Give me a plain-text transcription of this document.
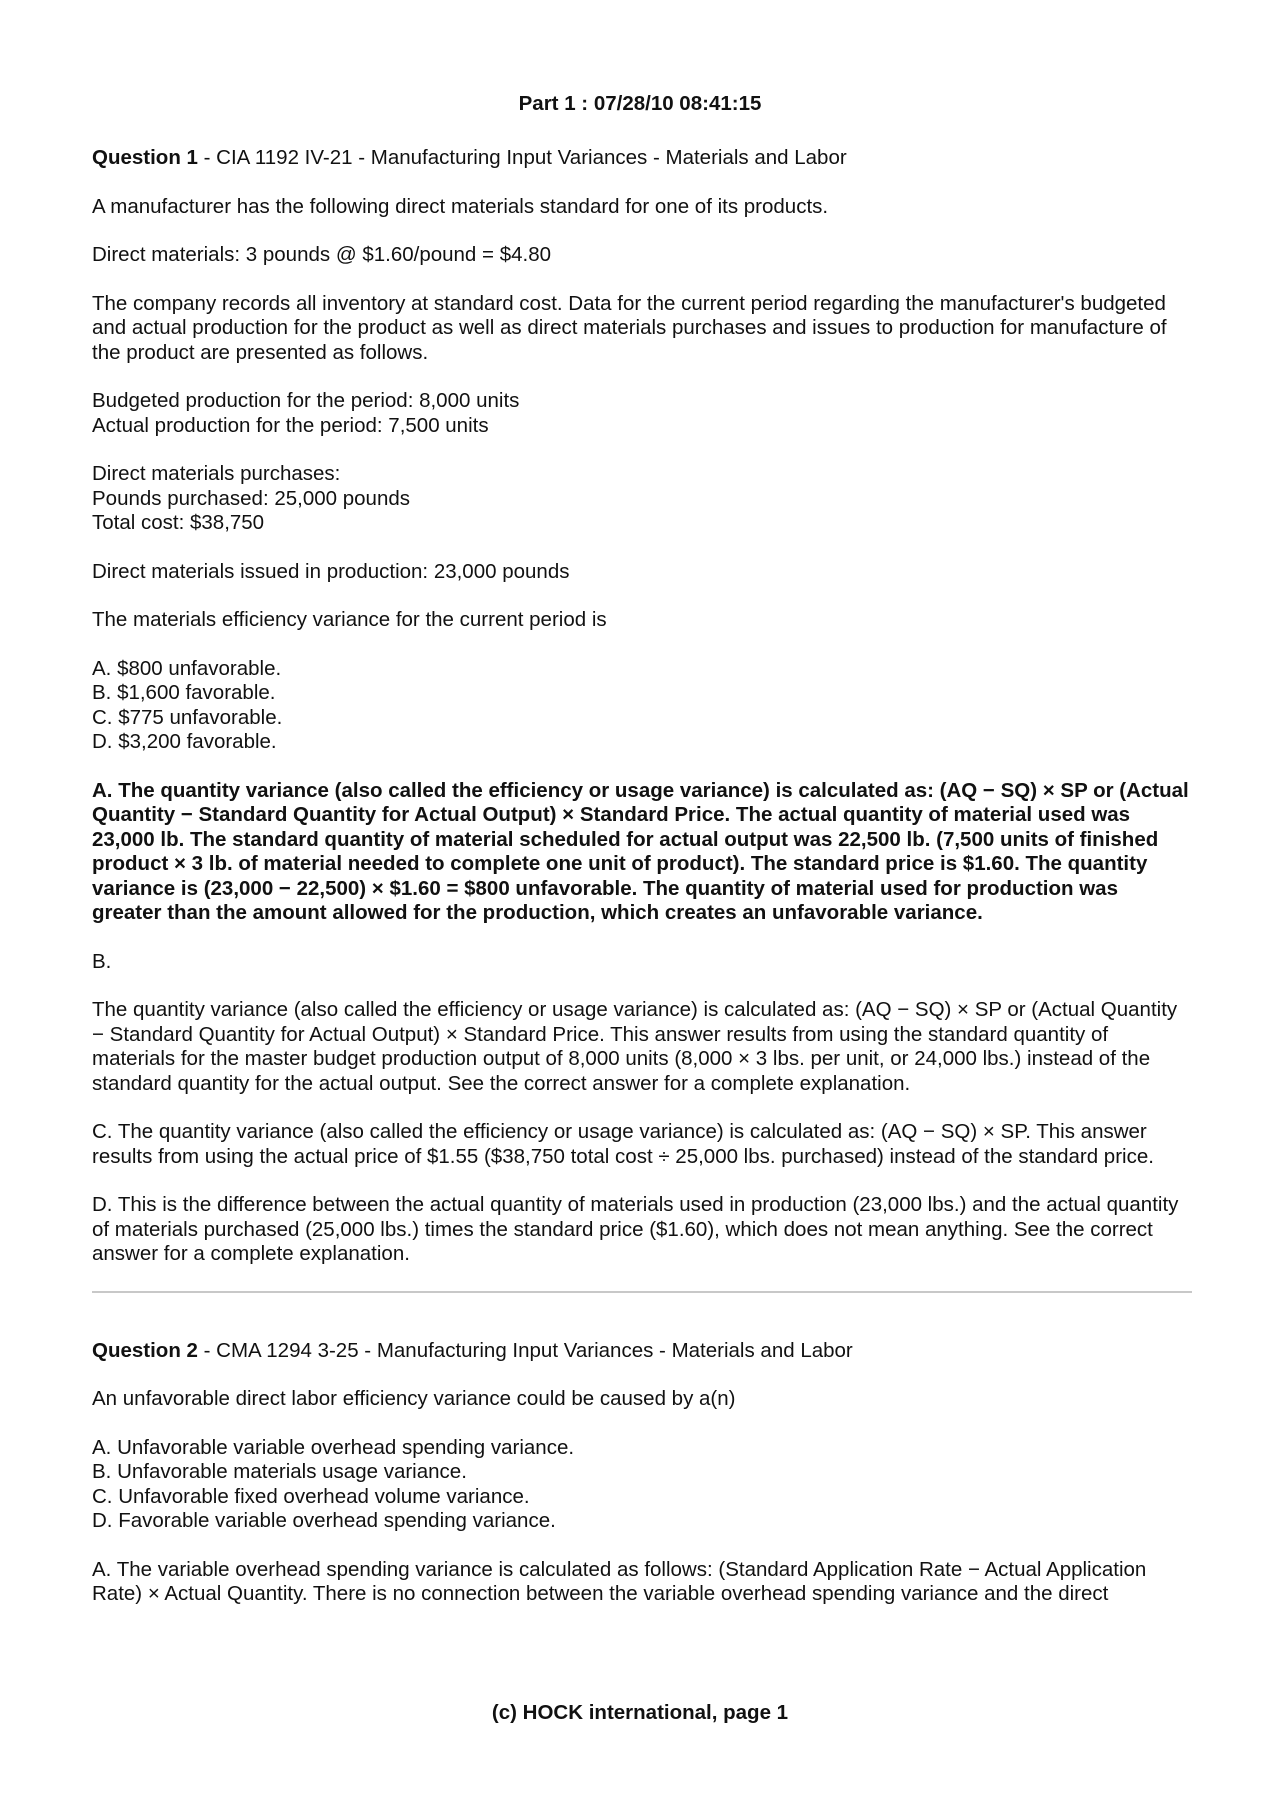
Part 1 : 07/28/10 08:41:15

Question 1 - CIA 1192 IV-21 - Manufacturing Input Variances - Materials and Labor

A manufacturer has the following direct materials standard for one of its products.

Direct materials: 3 pounds @ $1.60/pound = $4.80

The company records all inventory at standard cost. Data for the current period regarding the manufacturer's budgeted and actual production for the product as well as direct materials purchases and issues to production for manufacture of the product are presented as follows.

Budgeted production for the period: 8,000 units
Actual production for the period: 7,500 units

Direct materials purchases:
Pounds purchased: 25,000 pounds
Total cost: $38,750

Direct materials issued in production: 23,000 pounds

The materials efficiency variance for the current period is

A. $800 unfavorable.
B. $1,600 favorable.
C. $775 unfavorable.
D. $3,200 favorable.

A. The quantity variance (also called the efficiency or usage variance) is calculated as: (AQ − SQ) × SP or (Actual Quantity − Standard Quantity for Actual Output) × Standard Price. The actual quantity of material used was 23,000 lb. The standard quantity of material scheduled for actual output was 22,500 lb. (7,500 units of finished product × 3 lb. of material needed to complete one unit of product). The standard price is $1.60. The quantity variance is (23,000 − 22,500) × $1.60 = $800 unfavorable. The quantity of material used for production was greater than the amount allowed for the production, which creates an unfavorable variance.

B.

The quantity variance (also called the efficiency or usage variance) is calculated as: (AQ − SQ) × SP or (Actual Quantity − Standard Quantity for Actual Output) × Standard Price. This answer results from using the standard quantity of materials for the master budget production output of 8,000 units (8,000 × 3 lbs. per unit, or 24,000 lbs.) instead of the standard quantity for the actual output. See the correct answer for a complete explanation.

C. The quantity variance (also called the efficiency or usage variance) is calculated as: (AQ − SQ) × SP. This answer results from using the actual price of $1.55 ($38,750 total cost ÷ 25,000 lbs. purchased) instead of the standard price.

D. This is the difference between the actual quantity of materials used in production (23,000 lbs.) and the actual quantity of materials purchased (25,000 lbs.) times the standard price ($1.60), which does not mean anything. See the correct answer for a complete explanation.

Question 2 - CMA 1294 3-25 - Manufacturing Input Variances - Materials and Labor

An unfavorable direct labor efficiency variance could be caused by a(n)

A. Unfavorable variable overhead spending variance.
B. Unfavorable materials usage variance.
C. Unfavorable fixed overhead volume variance.
D. Favorable variable overhead spending variance.

A. The variable overhead spending variance is calculated as follows: (Standard Application Rate − Actual Application Rate) × Actual Quantity. There is no connection between the variable overhead spending variance and the direct

(c) HOCK international, page 1
